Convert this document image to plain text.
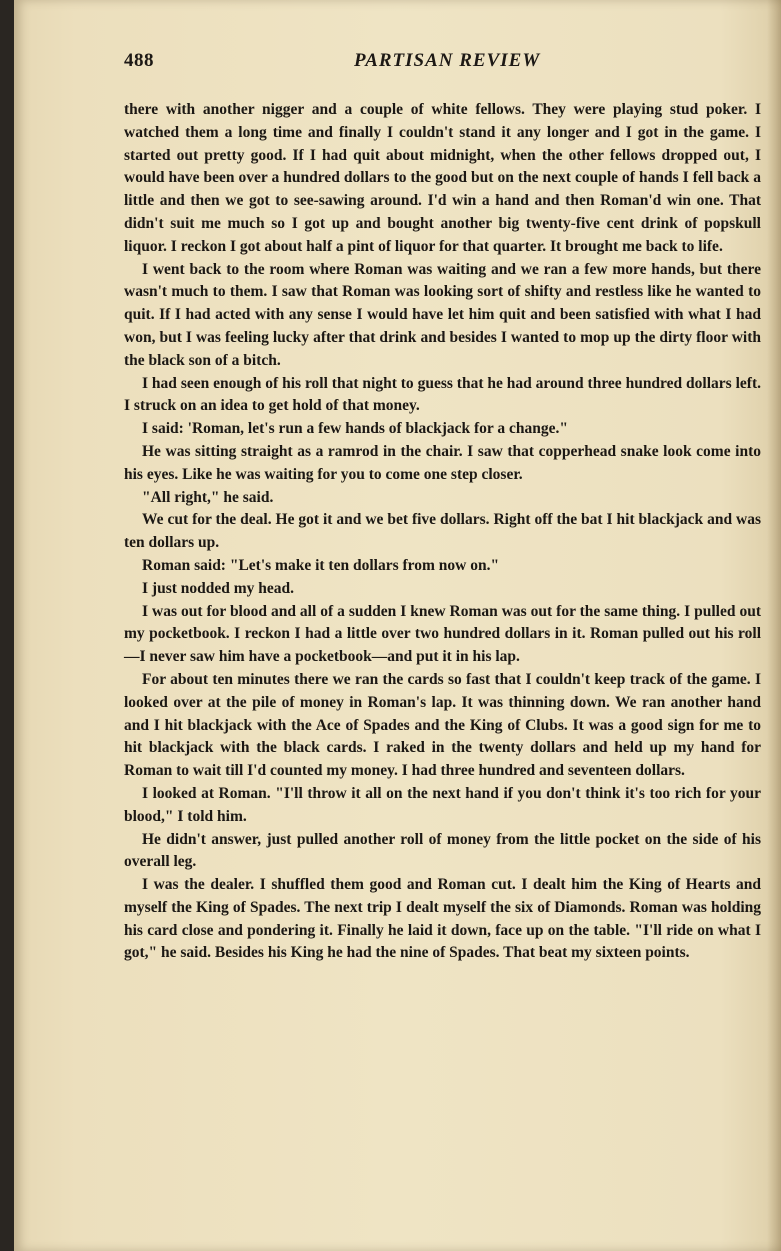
488	PARTISAN REVIEW

there with another nigger and a couple of white fellows. They were playing stud poker. I watched them a long time and finally I couldn't stand it any longer and I got in the game. I started out pretty good. If I had quit about midnight, when the other fellows dropped out, I would have been over a hundred dollars to the good but on the next couple of hands I fell back a little and then we got to see-sawing around. I'd win a hand and then Roman'd win one. That didn't suit me much so I got up and bought another big twenty-five cent drink of popskull liquor. I reckon I got about half a pint of liquor for that quarter. It brought me back to life.

I went back to the room where Roman was waiting and we ran a few more hands, but there wasn't much to them. I saw that Roman was looking sort of shifty and restless like he wanted to quit. If I had acted with any sense I would have let him quit and been satisfied with what I had won, but I was feeling lucky after that drink and besides I wanted to mop up the dirty floor with the black son of a bitch.

I had seen enough of his roll that night to guess that he had around three hundred dollars left. I struck on an idea to get hold of that money.

I said: 'Roman, let's run a few hands of blackjack for a change."

He was sitting straight as a ramrod in the chair. I saw that copperhead snake look come into his eyes. Like he was waiting for you to come one step closer.

"All right," he said.

We cut for the deal. He got it and we bet five dollars. Right off the bat I hit blackjack and was ten dollars up.

Roman said: "Let's make it ten dollars from now on."

I just nodded my head.

I was out for blood and all of a sudden I knew Roman was out for the same thing. I pulled out my pocketbook. I reckon I had a little over two hundred dollars in it. Roman pulled out his roll—I never saw him have a pocketbook—and put it in his lap.

For about ten minutes there we ran the cards so fast that I couldn't keep track of the game. I looked over at the pile of money in Roman's lap. It was thinning down. We ran another hand and I hit blackjack with the Ace of Spades and the King of Clubs. It was a good sign for me to hit blackjack with the black cards. I raked in the twenty dollars and held up my hand for Roman to wait till I'd counted my money. I had three hundred and seventeen dollars.

I looked at Roman. "I'll throw it all on the next hand if you don't think it's too rich for your blood," I told him.

He didn't answer, just pulled another roll of money from the little pocket on the side of his overall leg.

I was the dealer. I shuffled them good and Roman cut. I dealt him the King of Hearts and myself the King of Spades. The next trip I dealt myself the six of Diamonds. Roman was holding his card close and pondering it. Finally he laid it down, face up on the table. "I'll ride on what I got," he said. Besides his King he had the nine of Spades. That beat my sixteen points.
